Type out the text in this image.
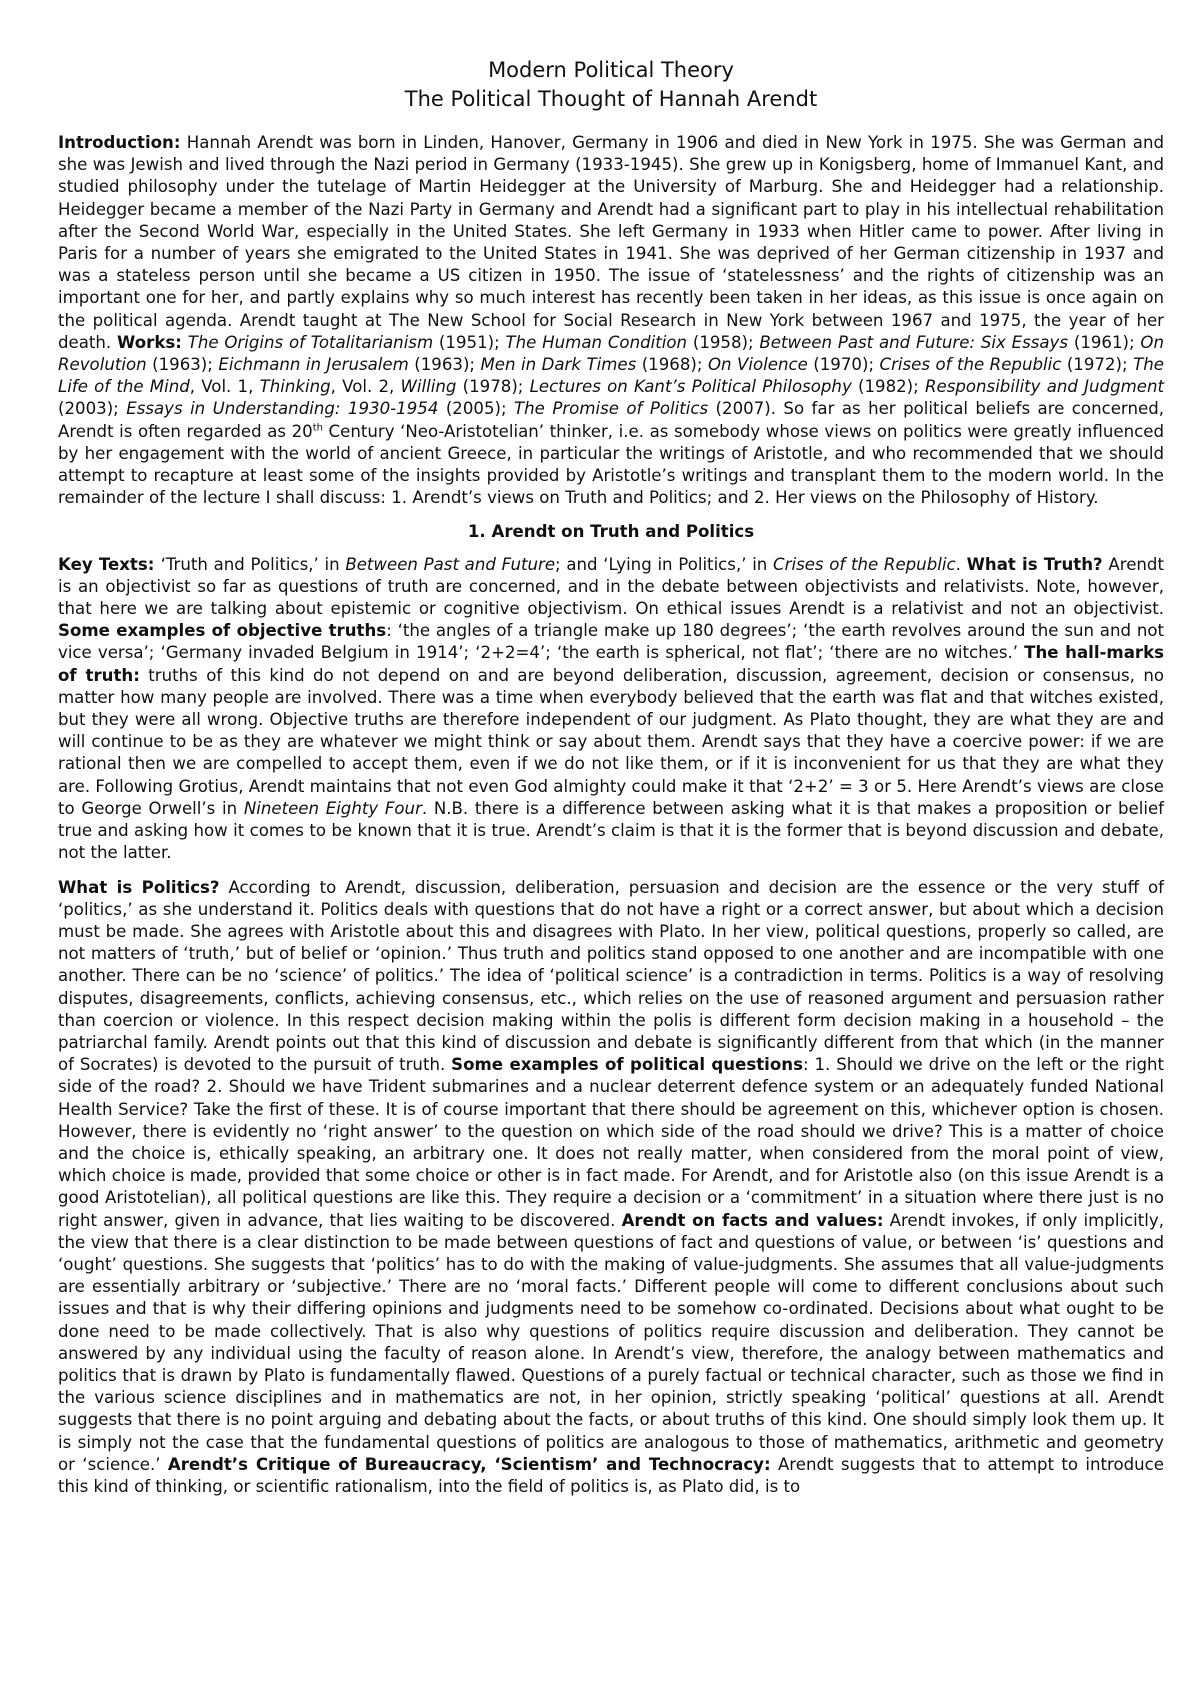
Modern Political Theory
The Political Thought of Hannah Arendt

Introduction: Hannah Arendt was born in Linden, Hanover, Germany in 1906 and died in New York in 1975. She was German and she was Jewish and lived through the Nazi period in Germany (1933-1945). She grew up in Konigsberg, home of Immanuel Kant, and studied philosophy under the tutelage of Martin Heidegger at the University of Marburg. She and Heidegger had a relationship. Heidegger became a member of the Nazi Party in Germany and Arendt had a significant part to play in his intellectual rehabilitation after the Second World War, especially in the United States. She left Germany in 1933 when Hitler came to power. After living in Paris for a number of years she emigrated to the United States in 1941. She was deprived of her German citizenship in 1937 and was a stateless person until she became a US citizen in 1950. The issue of ‘statelessness’ and the rights of citizenship was an important one for her, and partly explains why so much interest has recently been taken in her ideas, as this issue is once again on the political agenda. Arendt taught at The New School for Social Research in New York between 1967 and 1975, the year of her death. Works: The Origins of Totalitarianism (1951); The Human Condition (1958); Between Past and Future: Six Essays (1961); On Revolution (1963); Eichmann in Jerusalem (1963); Men in Dark Times (1968); On Violence (1970); Crises of the Republic (1972); The Life of the Mind, Vol. 1, Thinking, Vol. 2, Willing (1978); Lectures on Kant’s Political Philosophy (1982); Responsibility and Judgment (2003); Essays in Understanding: 1930-1954 (2005); The Promise of Politics (2007). So far as her political beliefs are concerned, Arendt is often regarded as 20th Century ‘Neo-Aristotelian’ thinker, i.e. as somebody whose views on politics were greatly influenced by her engagement with the world of ancient Greece, in particular the writings of Aristotle, and who recommended that we should attempt to recapture at least some of the insights provided by Aristotle’s writings and transplant them to the modern world. In the remainder of the lecture I shall discuss: 1. Arendt’s views on Truth and Politics; and 2. Her views on the Philosophy of History.

1. Arendt on Truth and Politics

Key Texts: ‘Truth and Politics,’ in Between Past and Future; and ‘Lying in Politics,’ in Crises of the Republic. What is Truth? Arendt is an objectivist so far as questions of truth are concerned, and in the debate between objectivists and relativists. Note, however, that here we are talking about epistemic or cognitive objectivism. On ethical issues Arendt is a relativist and not an objectivist. Some examples of objective truths: ‘the angles of a triangle make up 180 degrees’; ‘the earth revolves around the sun and not vice versa’; ‘Germany invaded Belgium in 1914’; ‘2+2=4’; ‘the earth is spherical, not flat’; ‘there are no witches.’ The hall-marks of truth: truths of this kind do not depend on and are beyond deliberation, discussion, agreement, decision or consensus, no matter how many people are involved. There was a time when everybody believed that the earth was flat and that witches existed, but they were all wrong. Objective truths are therefore independent of our judgment. As Plato thought, they are what they are and will continue to be as they are whatever we might think or say about them. Arendt says that they have a coercive power: if we are rational then we are compelled to accept them, even if we do not like them, or if it is inconvenient for us that they are what they are. Following Grotius, Arendt maintains that not even God almighty could make it that ‘2+2’ = 3 or 5. Here Arendt’s views are close to George Orwell’s in Nineteen Eighty Four. N.B. there is a difference between asking what it is that makes a proposition or belief true and asking how it comes to be known that it is true. Arendt’s claim is that it is the former that is beyond discussion and debate, not the latter.

What is Politics? According to Arendt, discussion, deliberation, persuasion and decision are the essence or the very stuff of ‘politics,’ as she understand it. Politics deals with questions that do not have a right or a correct answer, but about which a decision must be made. She agrees with Aristotle about this and disagrees with Plato. In her view, political questions, properly so called, are not matters of ‘truth,’ but of belief or ‘opinion.’ Thus truth and politics stand opposed to one another and are incompatible with one another. There can be no ‘science’ of politics.’ The idea of ‘political science’ is a contradiction in terms. Politics is a way of resolving disputes, disagreements, conflicts, achieving consensus, etc., which relies on the use of reasoned argument and persuasion rather than coercion or violence. In this respect decision making within the polis is different form decision making in a household – the patriarchal family. Arendt points out that this kind of discussion and debate is significantly different from that which (in the manner of Socrates) is devoted to the pursuit of truth. Some examples of political questions: 1. Should we drive on the left or the right side of the road? 2. Should we have Trident submarines and a nuclear deterrent defence system or an adequately funded National Health Service? Take the first of these. It is of course important that there should be agreement on this, whichever option is chosen. However, there is evidently no ‘right answer’ to the question on which side of the road should we drive? This is a matter of choice and the choice is, ethically speaking, an arbitrary one. It does not really matter, when considered from the moral point of view, which choice is made, provided that some choice or other is in fact made. For Arendt, and for Aristotle also (on this issue Arendt is a good Aristotelian), all political questions are like this. They require a decision or a ‘commitment’ in a situation where there just is no right answer, given in advance, that lies waiting to be discovered. Arendt on facts and values: Arendt invokes, if only implicitly, the view that there is a clear distinction to be made between questions of fact and questions of value, or between ‘is’ questions and ‘ought’ questions. She suggests that ‘politics’ has to do with the making of value-judgments. She assumes that all value-judgments are essentially arbitrary or ‘subjective.’ There are no ‘moral facts.’ Different people will come to different conclusions about such issues and that is why their differing opinions and judgments need to be somehow co-ordinated. Decisions about what ought to be done need to be made collectively. That is also why questions of politics require discussion and deliberation. They cannot be answered by any individual using the faculty of reason alone. In Arendt’s view, therefore, the analogy between mathematics and politics that is drawn by Plato is fundamentally flawed. Questions of a purely factual or technical character, such as those we find in the various science disciplines and in mathematics are not, in her opinion, strictly speaking ‘political’ questions at all. Arendt suggests that there is no point arguing and debating about the facts, or about truths of this kind. One should simply look them up. It is simply not the case that the fundamental questions of politics are analogous to those of mathematics, arithmetic and geometry or ‘science.’ Arendt’s Critique of Bureaucracy, ‘Scientism’ and Technocracy: Arendt suggests that to attempt to introduce this kind of thinking, or scientific rationalism, into the field of politics is, as Plato did, is to
